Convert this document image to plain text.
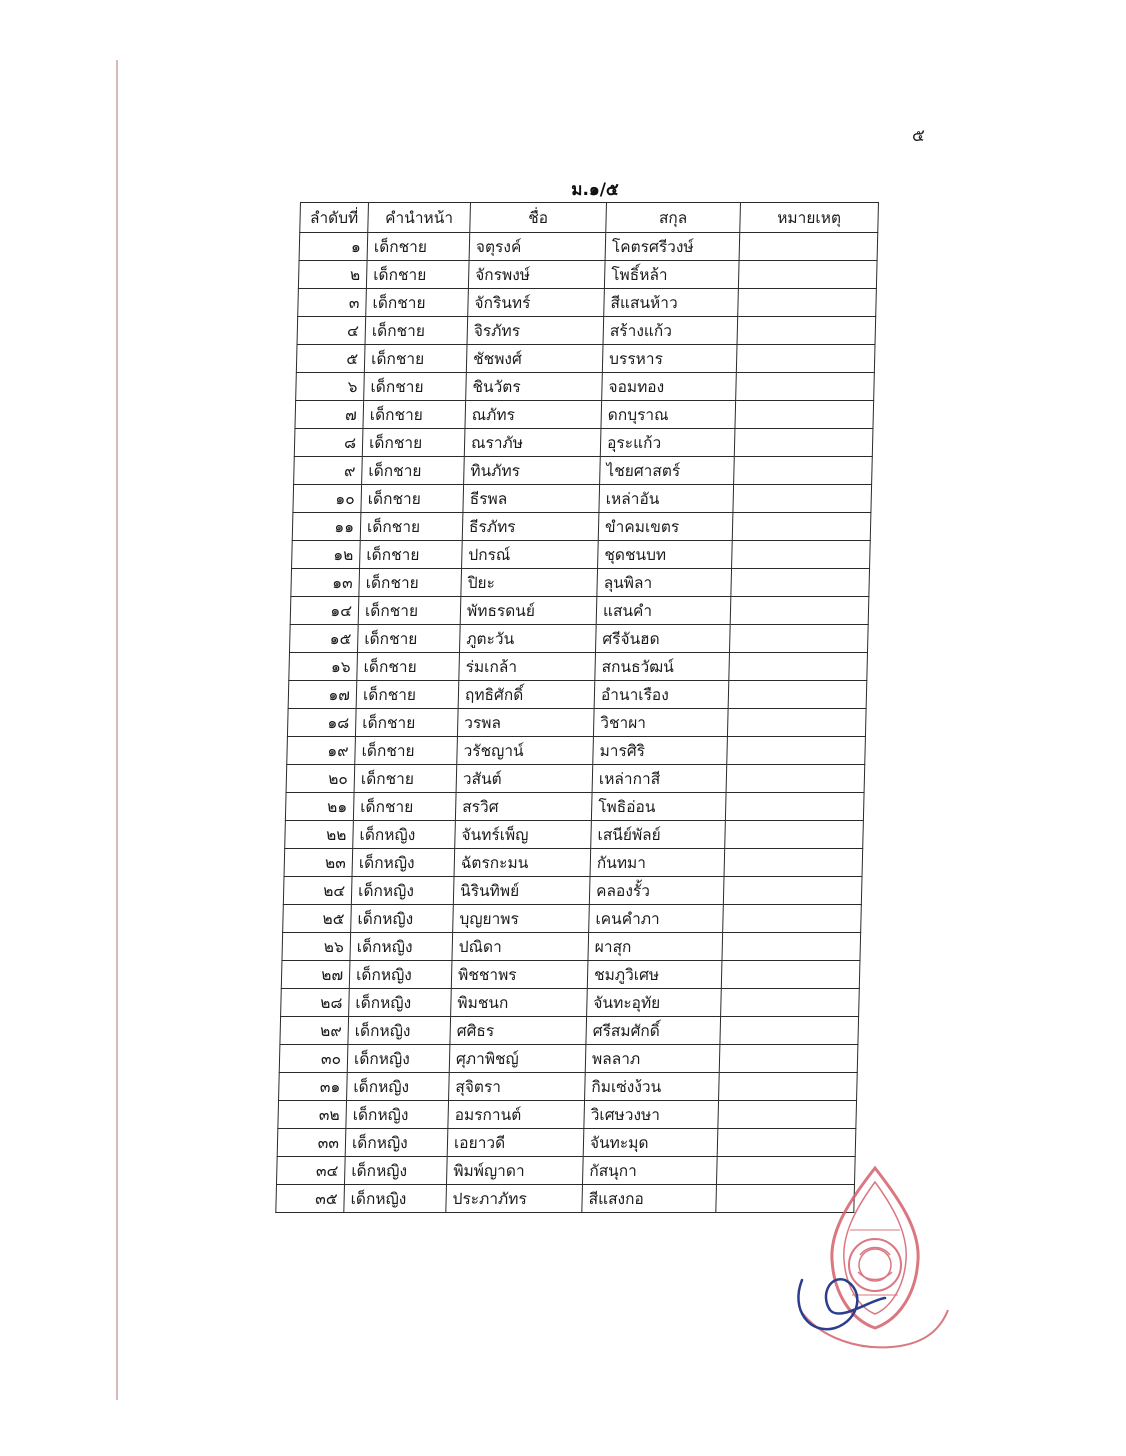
๕
ม.๑/๕
ลำดับที่	คำนำหน้า	ชื่อ	สกุล	หมายเหตุ
๑	เด็กชาย	จตุรงค์	โคตรศรีวงษ์	
๒	เด็กชาย	จักรพงษ์	โพธิ์หล้า	
๓	เด็กชาย	จักรินทร์	สีแสนห้าว	
๔	เด็กชาย	จิรภัทร	สร้างแก้ว	
๕	เด็กชาย	ชัชพงศ์	บรรหาร	
๖	เด็กชาย	ชินวัตร	จอมทอง	
๗	เด็กชาย	ณภัทร	ดกบุราณ	
๘	เด็กชาย	ณราภัษ	อุระแก้ว	
๙	เด็กชาย	ทินภัทร	ไชยศาสตร์	
๑๐	เด็กชาย	ธีรพล	เหล่าอัน	
๑๑	เด็กชาย	ธีรภัทร	ขำคมเขตร	
๑๒	เด็กชาย	ปกรณ์	ชุดชนบท	
๑๓	เด็กชาย	ปิยะ	ลุนพิลา	
๑๔	เด็กชาย	พัทธรดนย์	แสนคำ	
๑๕	เด็กชาย	ภูตะวัน	ศรีจันฮด	
๑๖	เด็กชาย	ร่มเกล้า	สกนธวัฒน์	
๑๗	เด็กชาย	ฤทธิศักดิ์	อำนาเรือง	
๑๘	เด็กชาย	วรพล	วิชาผา	
๑๙	เด็กชาย	วรัชญาน์	มารศิริ	
๒๐	เด็กชาย	วสันต์	เหล่ากาสี	
๒๑	เด็กชาย	สรวิศ	โพธิอ่อน	
๒๒	เด็กหญิง	จันทร์เพ็ญ	เสนีย์พัลย์	
๒๓	เด็กหญิง	ฉัตรกะมน	กันทมา	
๒๔	เด็กหญิง	นิรินทิพย์	คลองรั้ว	
๒๕	เด็กหญิง	บุญยาพร	เคนคำภา	
๒๖	เด็กหญิง	ปณิดา	ผาสุก	
๒๗	เด็กหญิง	พิชชาพร	ชมภูวิเศษ	
๒๘	เด็กหญิง	พิมชนก	จันทะอุทัย	
๒๙	เด็กหญิง	ศศิธร	ศรีสมศักดิ์	
๓๐	เด็กหญิง	ศุภาพิชญ์	พลลาภ	
๓๑	เด็กหญิง	สุจิตรา	กิมเซ่งง้วน	
๓๒	เด็กหญิง	อมรกานต์	วิเศษวงษา	
๓๓	เด็กหญิง	เอยาวดี	จันทะมุด	
๓๔	เด็กหญิง	พิมพ์ญาดา	กัสนุกา	
๓๕	เด็กหญิง	ประภาภัทร	สีแสงกอ	
